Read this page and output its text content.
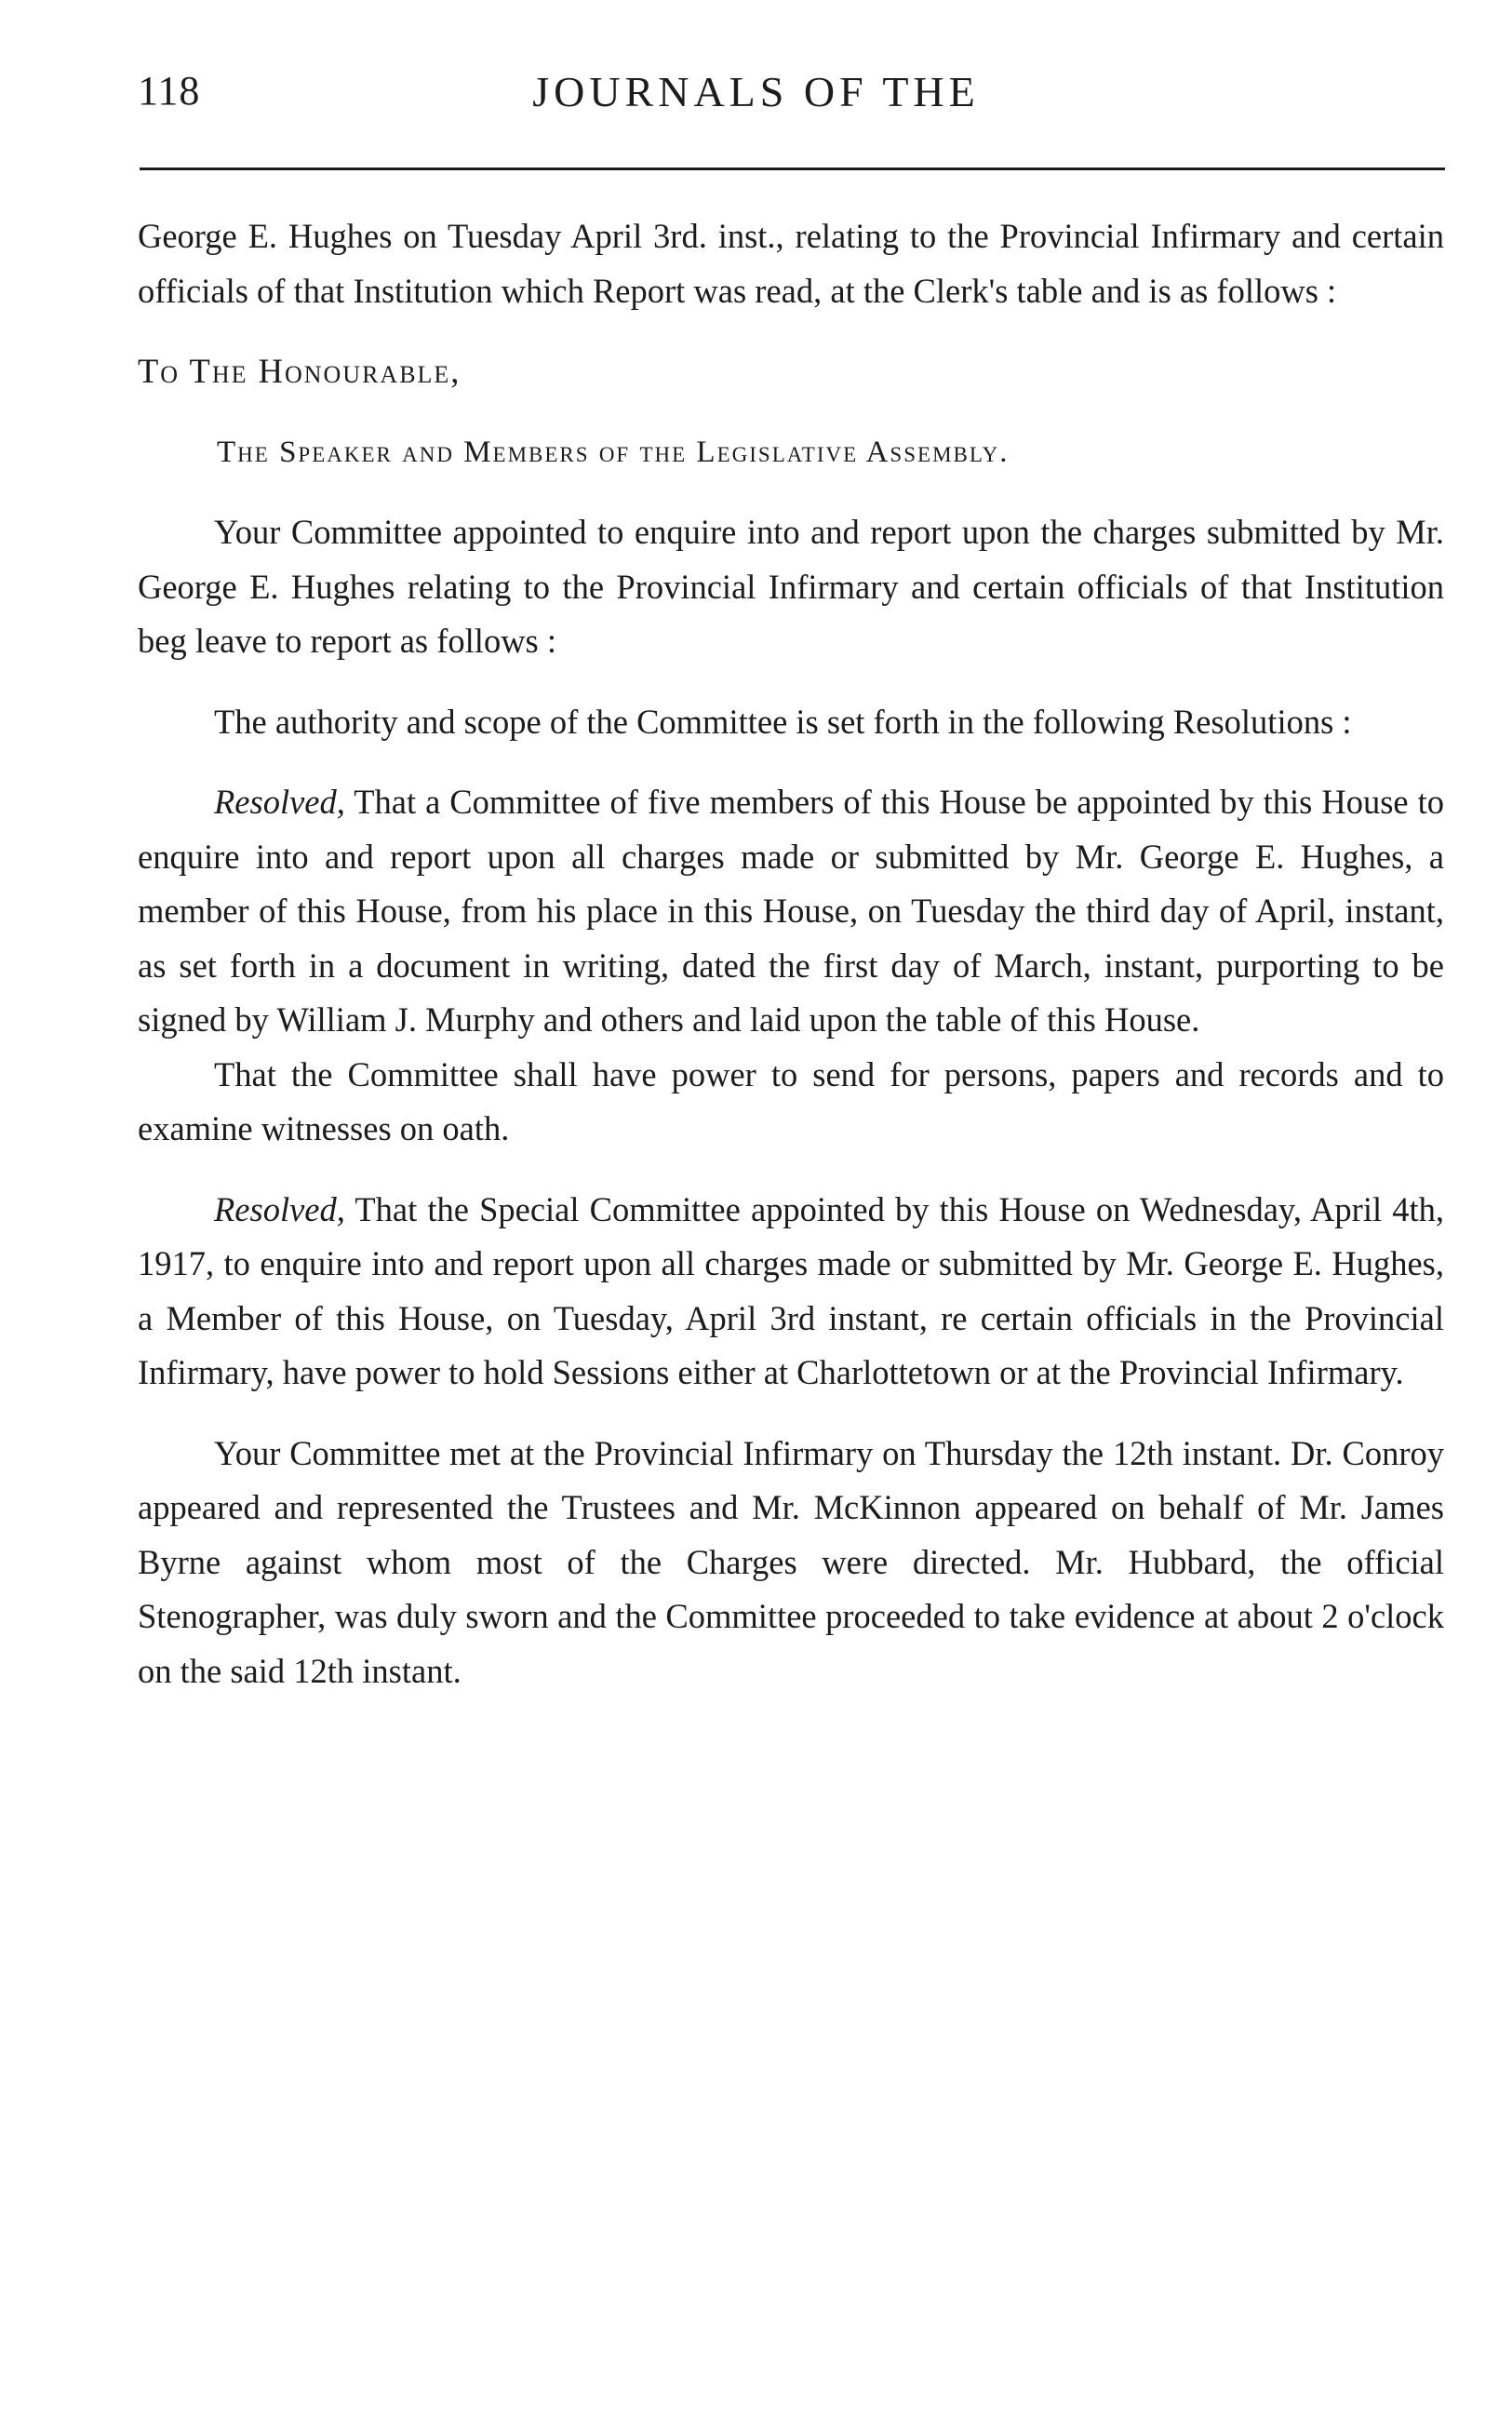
118	JOURNALS OF THE

George E. Hughes on Tuesday April 3rd. inst., relating to the Provincial Infirmary and certain officials of that Institution which Report was read, at the Clerk's table and is as follows :

To The Honourable,

The Speaker and Members of the Legislative Assembly.

Your Committee appointed to enquire into and report upon the charges submitted by Mr. George E. Hughes relating to the Provincial Infirmary and certain officials of that Institution beg leave to report as follows :

The authority and scope of the Committee is set forth in the following Resolutions :

Resolved, That a Committee of five members of this House be appointed by this House to enquire into and report upon all charges made or submitted by Mr. George E. Hughes, a member of this House, from his place in this House, on Tuesday the third day of April, instant, as set forth in a document in writing, dated the first day of March, instant, purporting to be signed by William J. Murphy and others and laid upon the table of this House.

That the Committee shall have power to send for persons, papers and records and to examine witnesses on oath.

Resolved, That the Special Committee appointed by this House on Wednesday, April 4th, 1917, to enquire into and report upon all charges made or submitted by Mr. George E. Hughes, a Member of this House, on Tuesday, April 3rd instant, re certain officials in the Provincial Infirmary, have power to hold Sessions either at Charlottetown or at the Provincial Infirmary.

Your Committee met at the Provincial Infirmary on Thursday the 12th instant. Dr. Conroy appeared and represented the Trustees and Mr. McKinnon appeared on behalf of Mr. James Byrne against whom most of the Charges were directed. Mr. Hubbard, the official Stenographer, was duly sworn and the Committee proceeded to take evidence at about 2 o'clock on the said 12th instant.
